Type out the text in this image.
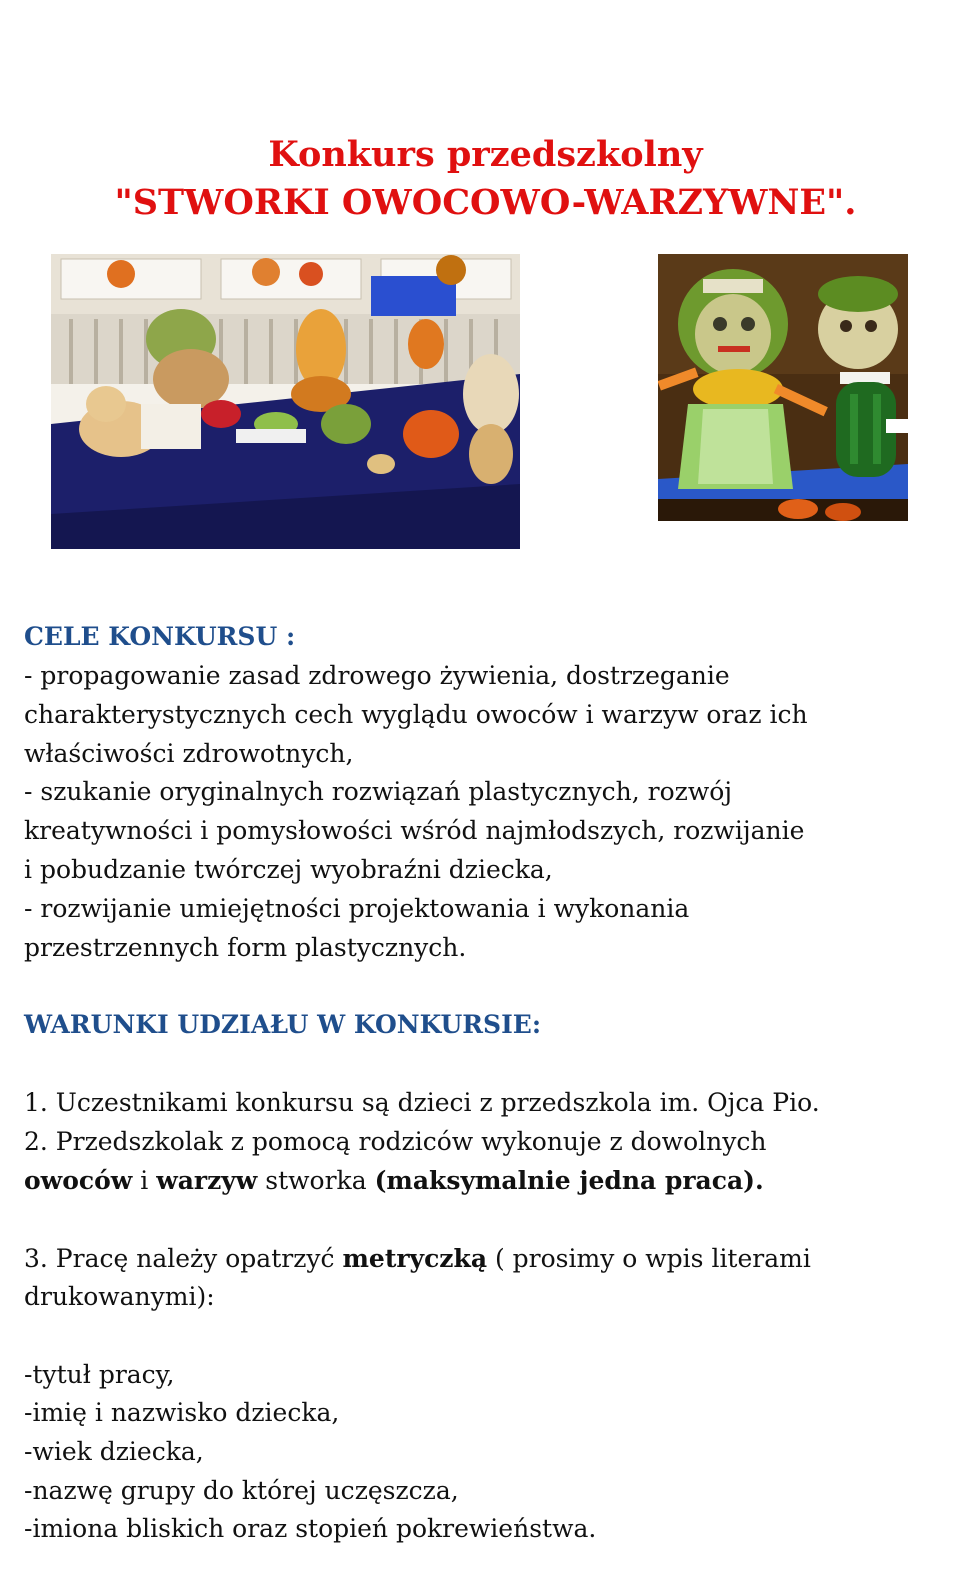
Konkurs przedszkolny
"STWORKI OWOCOWO-WARZYWNE".
CELE KONKURSU :

- propagowanie zasad zdrowego żywienia, dostrzeganie

charakterystycznych cech wyglądu owoców i warzyw oraz ich

właściwości zdrowotnych,

- szukanie oryginalnych rozwiązań plastycznych, rozwój

kreatywności i pomysłowości wśród najmłodszych, rozwijanie

i pobudzanie twórczej wyobraźni dziecka,

- rozwijanie umiejętności projektowania i wykonania

przestrzennych form plastycznych.

WARUNKI UDZIAŁU W KONKURSIE:

1. Uczestnikami konkursu są dzieci z przedszkola im. Ojca Pio.

2. Przedszkolak z pomocą rodziców wykonuje z dowolnych

owoców i warzyw stworka (maksymalnie jedna praca).

3. Pracę należy opatrzyć metryczką ( prosimy o wpis literami

drukowanymi):

-tytuł pracy,

-imię i nazwisko dziecka,

-wiek dziecka,

-nazwę grupy do której uczęszcza,

-imiona bliskich oraz stopień pokrewieństwa.
